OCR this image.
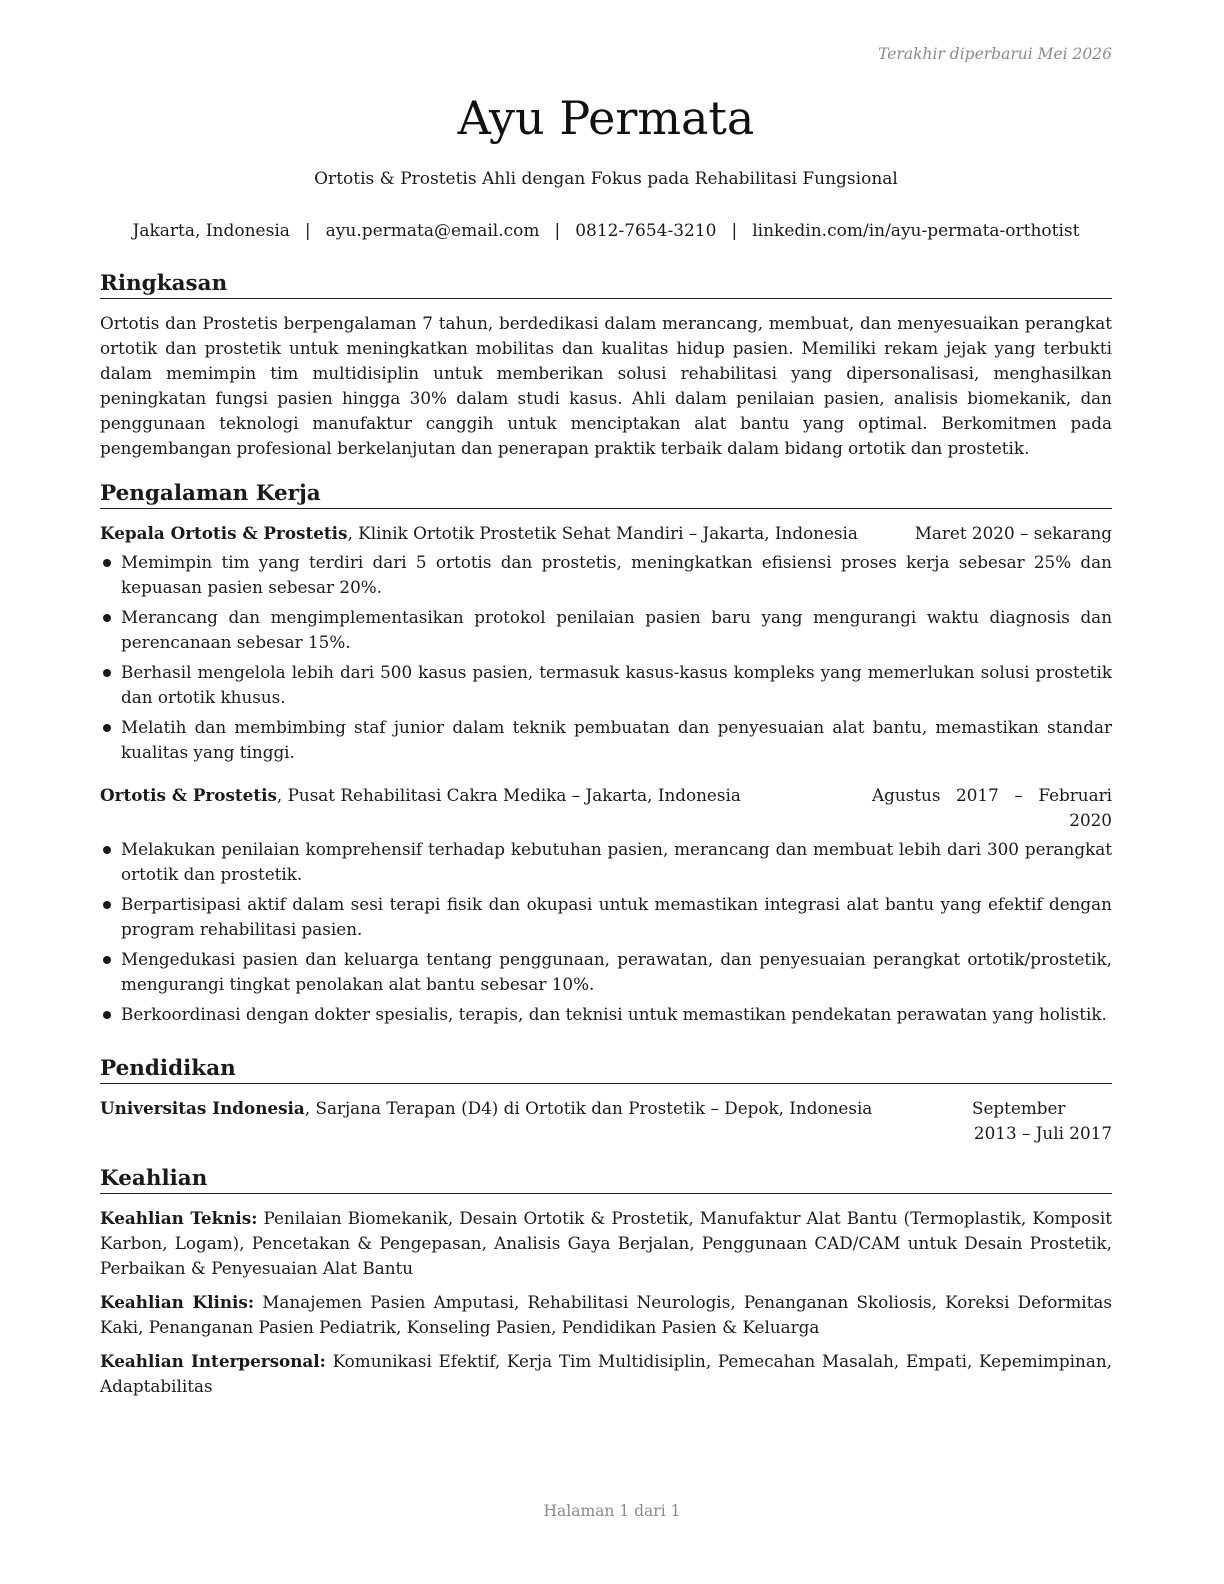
Terakhir diperbarui Mei 2026
Ayu Permata
Ortotis & Prostetis Ahli dengan Fokus pada Rehabilitasi Fungsional
Jakarta, Indonesia | ayu.permata@email.com | 0812-7654-3210 | linkedin.com/in/ayu-permata-orthotist
Ringkasan

Ortotis dan Prostetis berpengalaman 7 tahun, berdedikasi dalam merancang, membuat, dan menyesuaikan perangkat ortotik dan prostetik untuk meningkatkan mobilitas dan kualitas hidup pasien. Memiliki rekam jejak yang terbukti dalam memimpin tim multidisiplin untuk memberikan solusi rehabilitasi yang dipersonalisasi, menghasilkan peningkatan fungsi pasien hingga 30% dalam studi kasus. Ahli dalam penilaian pasien, analisis biomekanik, dan penggunaan teknologi manufaktur canggih untuk menciptakan alat bantu yang optimal. Berkomitmen pada pengembangan profesional berkelanjutan dan penerapan praktik terbaik dalam bidang ortotik dan prostetik.

Pengalaman Kerja
Kepala Ortotis & Prostetis, Klinik Ortotik Prostetik Sehat Mandiri – Jakarta, Indonesia	Maret 2020 – sekarang
Memimpin tim yang terdiri dari 5 ortotis dan prostetis, meningkatkan efisiensi proses kerja sebesar 25% dan kepuasan pasien sebesar 20%.
Merancang dan mengimplementasikan protokol penilaian pasien baru yang mengurangi waktu diagnosis dan perencanaan sebesar 15%.
Berhasil mengelola lebih dari 500 kasus pasien, termasuk kasus-kasus kompleks yang memerlukan solusi prostetik dan ortotik khusus.
Melatih dan membimbing staf junior dalam teknik pembuatan dan penyesuaian alat bantu, memastikan standar kualitas yang tinggi.
Ortotis & Prostetis, Pusat Rehabilitasi Cakra Medika – Jakarta, Indonesia	Agustus 2017 – Februari 2020
Melakukan penilaian komprehensif terhadap kebutuhan pasien, merancang dan membuat lebih dari 300 perangkat ortotik dan prostetik.
Berpartisipasi aktif dalam sesi terapi fisik dan okupasi untuk memastikan integrasi alat bantu yang efektif dengan program rehabilitasi pasien.
Mengedukasi pasien dan keluarga tentang penggunaan, perawatan, dan penyesuaian perangkat ortotik/prostetik, mengurangi tingkat penolakan alat bantu sebesar 10%.
Berkoordinasi dengan dokter spesialis, terapis, dan teknisi untuk memastikan pendekatan perawatan yang holistik.
Pendidikan
Universitas Indonesia, Sarjana Terapan (D4) di Ortotik dan Prostetik – Depok, Indonesia	September 2013 – Juli 2017
Keahlian

Keahlian Teknis: Penilaian Biomekanik, Desain Ortotik & Prostetik, Manufaktur Alat Bantu (Termoplastik, Komposit Karbon, Logam), Pencetakan & Pengepasan, Analisis Gaya Berjalan, Penggunaan CAD/CAM untuk Desain Prostetik, Perbaikan & Penyesuaian Alat Bantu

Keahlian Klinis: Manajemen Pasien Amputasi, Rehabilitasi Neurologis, Penanganan Skoliosis, Koreksi Deformitas Kaki, Penanganan Pasien Pediatrik, Konseling Pasien, Pendidikan Pasien & Keluarga

Keahlian Interpersonal: Komunikasi Efektif, Kerja Tim Multidisiplin, Pemecahan Masalah, Empati, Kepemimpinan, Adaptabilitas

Halaman 1 dari 1
